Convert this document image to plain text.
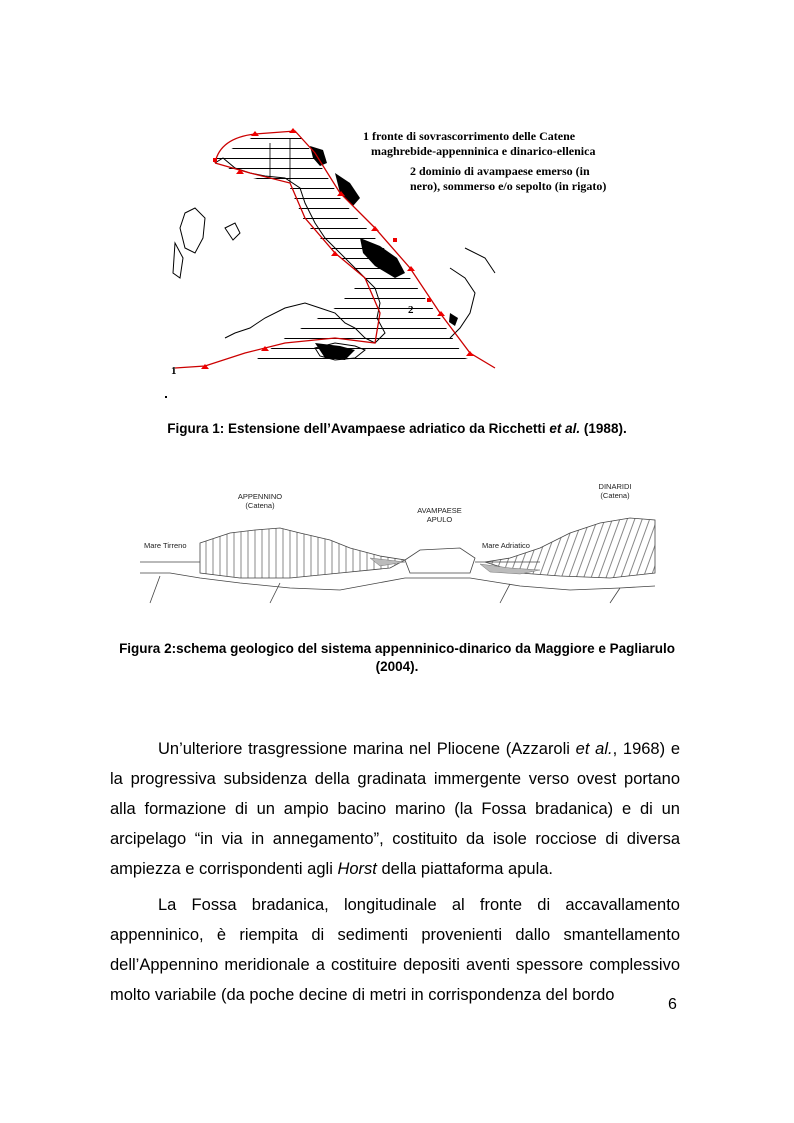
1
2
1 fronte di sovrascorrimento delle Catene
maghrebide-appenninica e dinarico-ellenica
2 dominio di avampaese emerso (in
nero), sommerso e/o sepolto (in rigato)
Figura 1: Estensione dell’Avampaese adriatico da Ricchetti et al. (1988).
APPENNINO
(Catena)
AVAMPAESE
APULO
DINARIDI
(Catena)
Mare Tirreno	Mare Adriatico
Figura 2:schema geologico del sistema appenninico-dinarico da Maggiore e Pagliarulo
(2004).

Un’ulteriore trasgressione marina nel Pliocene (Azzaroli et al., 1968) e la progressiva subsidenza della gradinata immergente verso ovest portano alla formazione di un ampio bacino marino (la Fossa bradanica) e di un arcipelago “in via in annegamento”, costituito da isole rocciose di diversa ampiezza e corrispondenti agli Horst della piattaforma apula.

La Fossa bradanica, longitudinale al fronte di accavallamento appenninico, è riempita di sedimenti provenienti dallo smantellamento dell’Appennino meridionale a costituire depositi aventi spessore complessivo molto variabile (da poche decine di metri in corrispondenza del bordo

6
